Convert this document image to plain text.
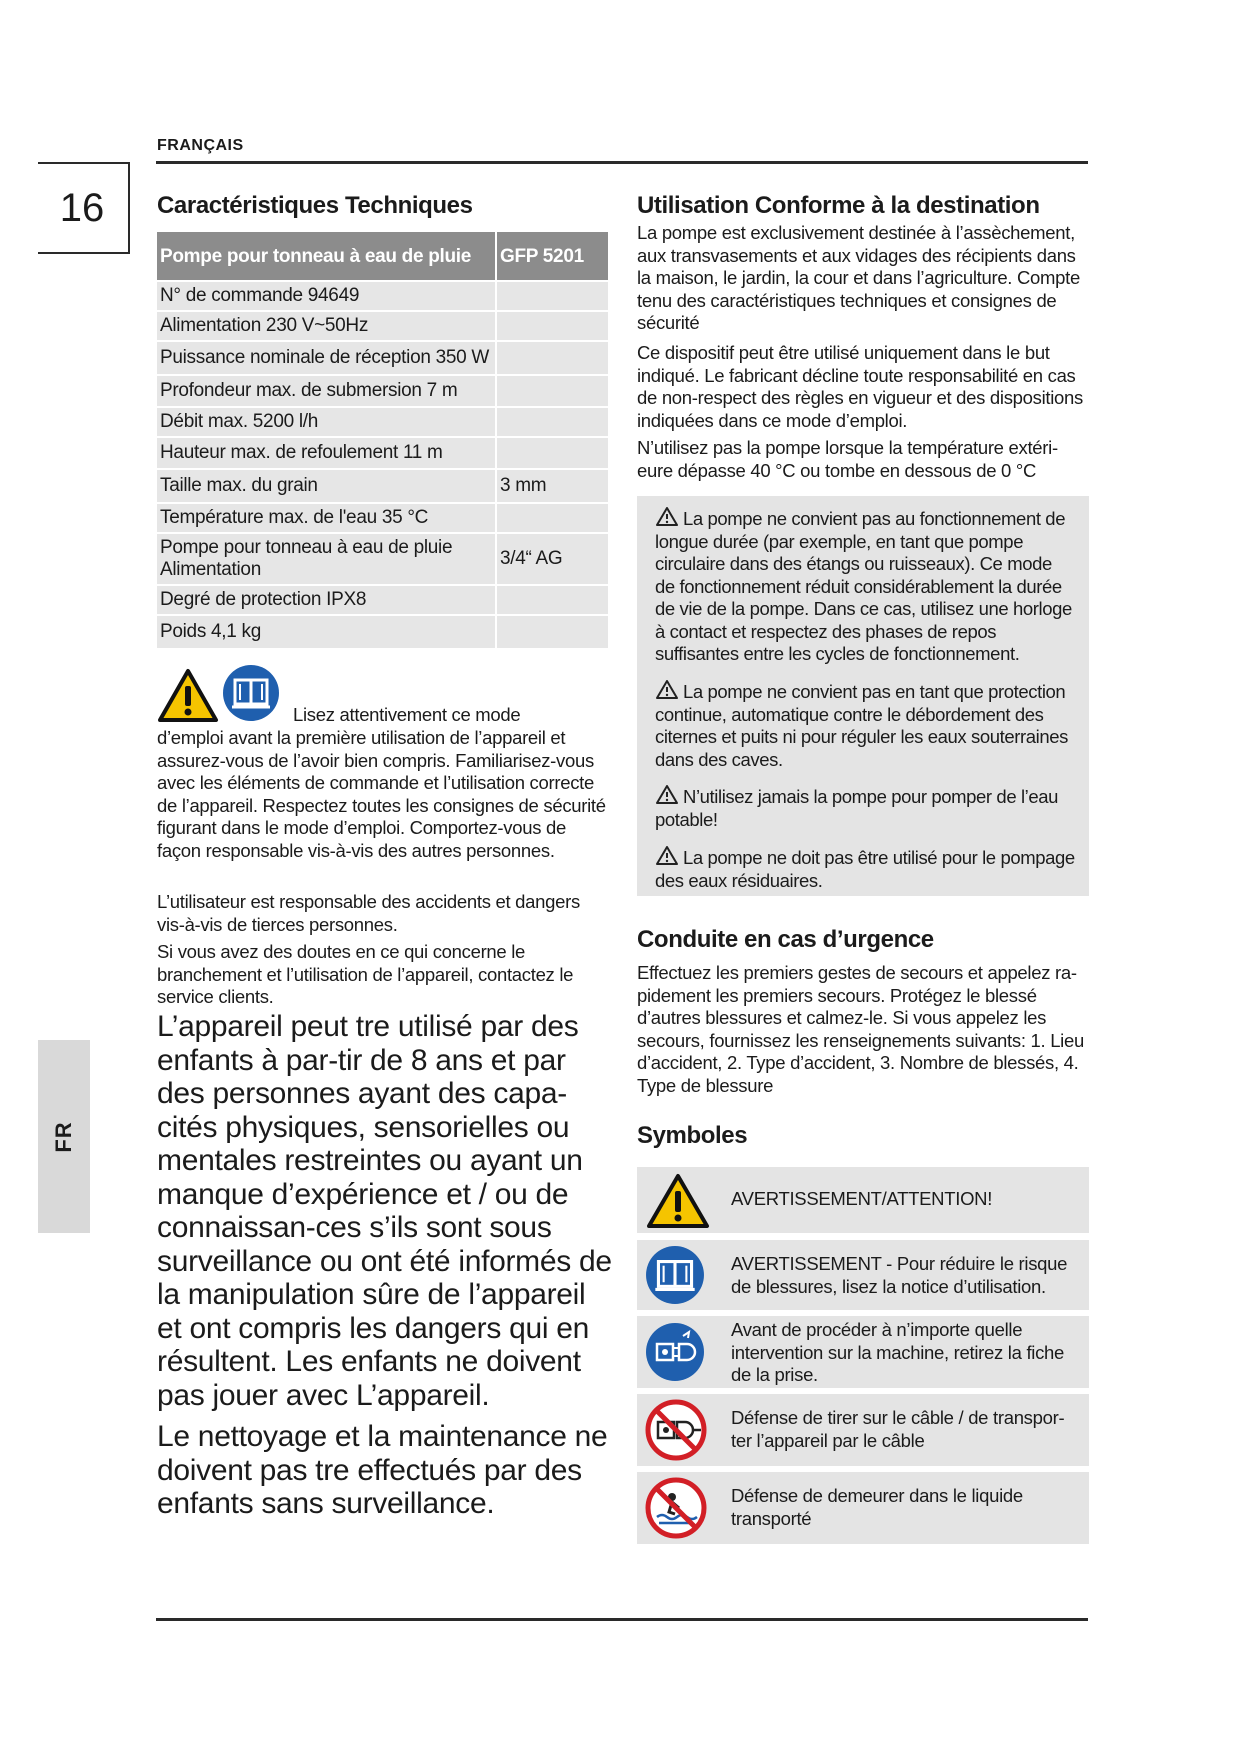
FRANÇAIS
16
FR
Caractéristiques Techniques
Pompe pour tonneau à eau de pluie	GFP 5201
N° de commande 94649	
Alimentation 230 V~50Hz	
Puissance nominale de réception 350 W	
Profondeur max. de submersion 7 m	
Débit max. 5200 l/h	
Hauteur max. de refoulement 11 m	
Taille max. du grain	3 mm
Température max. de l'eau 35 °C	
Pompe pour tonneau à eau de pluie Alimentation	3/4“ AG
Degré de protection IPX8	
Poids 4,1 kg	

Lisez attentivement ce mode

d’emploi avant la première utilisation de l’appareil et assurez-vous de l’avoir bien compris. Familiarisez-vous avec les éléments de commande et l’utilisation correcte de l’appareil. Respectez toutes les consignes de sécurité figurant dans le mode d’emploi. Comportez-vous de façon responsable vis-à-vis des autres personnes.

L’utilisateur est responsable des accidents et dangers vis-à-vis de tierces personnes.

Si vous avez des doutes en ce qui concerne le branchement et l’utilisation de l’appareil, contactez le service clients.

L’appareil peut tre utilisé par des enfants à par-tir de 8 ans et par des personnes ayant des capa-cités physiques, sensorielles ou mentales restreintes ou ayant un manque d’expérience et / ou de connaissan-ces s’ils sont sous surveillance ou ont été informés de la manipulation sûre de l’appareil et ont compris les dangers qui en résultent. Les enfants ne doivent pas jouer avec L’appareil.

Le nettoyage et la maintenance ne doivent pas tre effectués par des enfants sans surveillance.

Utilisation Conforme à la destination

La pompe est exclusivement destinée à l’assèchement, aux transvasements et aux vidages des récipients dans la maison, le jardin, la cour et dans l’agriculture. Compte tenu des caractéristiques techniques et consignes de sécurité

Ce dispositif peut être utilisé uniquement dans le but indiqué. Le fabricant décline toute responsabilité en cas de non-respect des règles en vigueur et des dispositions indiquées dans ce mode d’emploi.

N’utilisez pas la pompe lorsque la température extéri-eure dépasse 40 °C ou tombe en dessous de 0 °C

La pompe ne convient pas au fonctionnement de longue durée (par exemple, en tant que pompe circulaire dans des étangs ou ruisseaux). Ce mode de fonctionnement réduit considérablement la durée de vie de la pompe. Dans ce cas, utilisez une horloge à contact et respectez des phases de repos suffisantes entre les cycles de fonctionnement.
La pompe ne convient pas en tant que protection continue, automatique contre le débordement des citernes et puits ni pour réguler les eaux souterraines dans des caves.
N’utilisez jamais la pompe pour pomper de l’eau potable!
La pompe ne doit pas être utilisé pour le pompage des eaux résiduaires.
Conduite en cas d’urgence

Effectuez les premiers gestes de secours et appelez ra-pidement les premiers secours. Protégez le blessé d’autres blessures et calmez-le. Si vous appelez les secours, fournissez les renseignements suivants: 1. Lieu d’accident, 2. Type d’accident, 3. Nombre de blessés, 4. Type de blessure

Symboles
AVERTISSEMENT/ATTENTION!
AVERTISSEMENT - Pour réduire le risque de blessures, lisez la notice d’utilisation.
Avant de procéder à n’importe quelle intervention sur la machine, retirez la fiche de la prise.
Défense de tirer sur le câble / de transpor-ter l’appareil par le câble
Défense de demeurer dans le liquide transporté
